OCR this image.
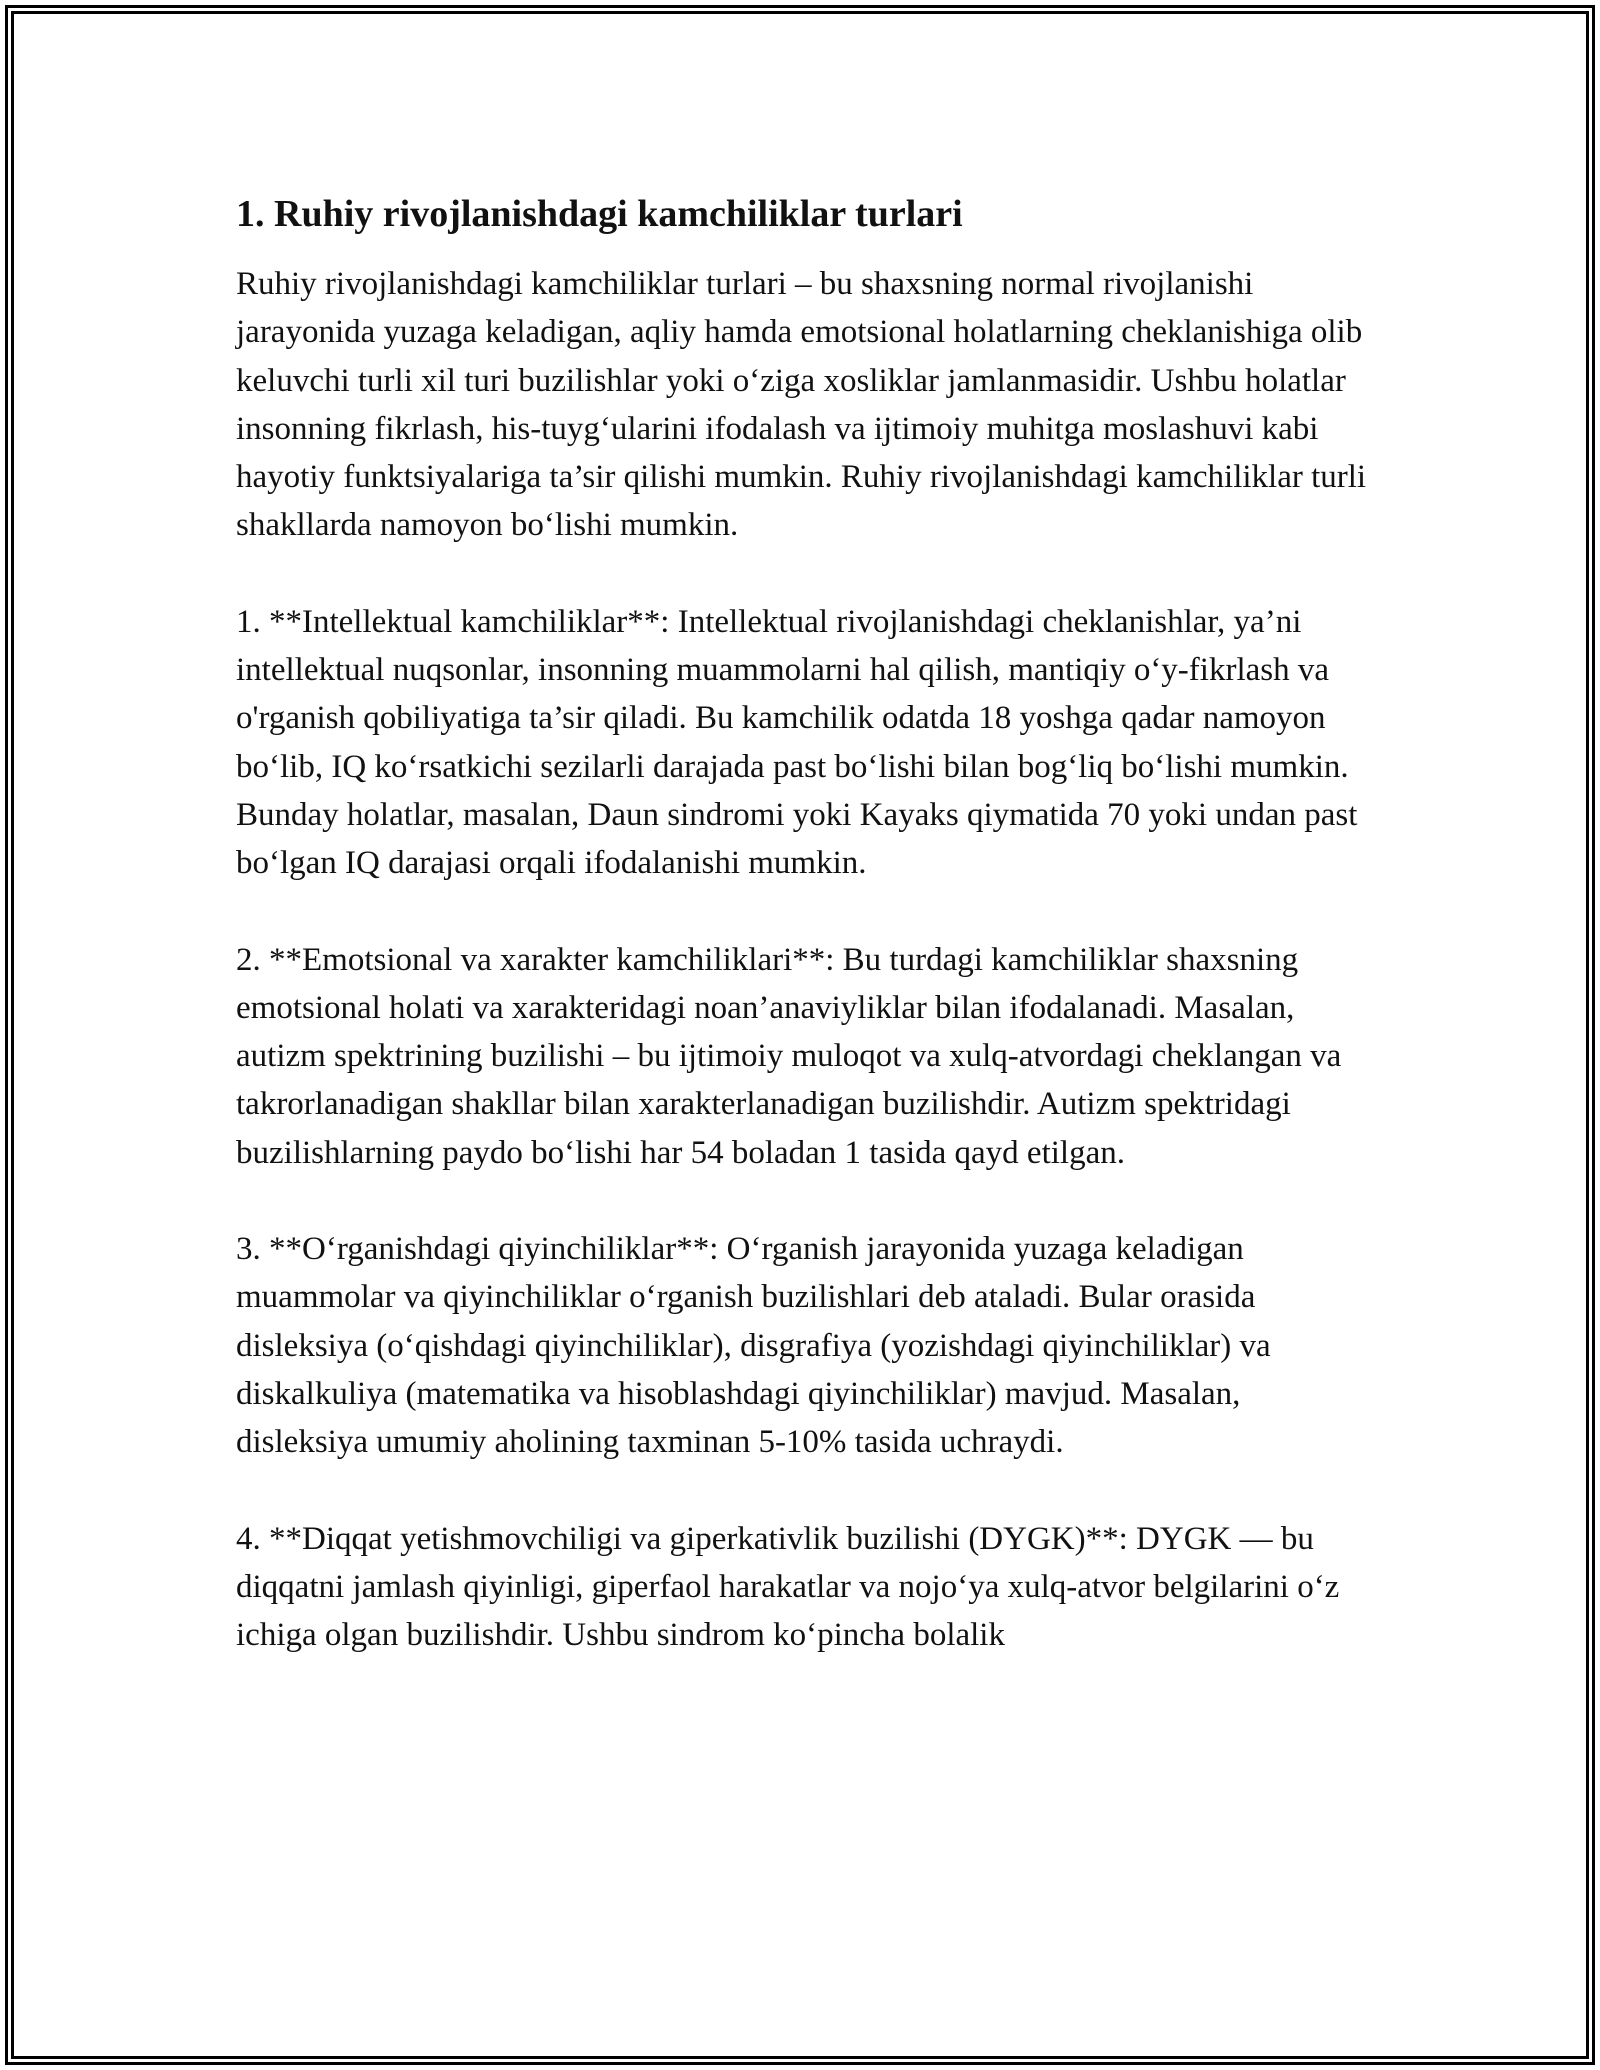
1. Ruhiy rivojlanishdagi kamchiliklar turlari

Ruhiy rivojlanishdagi kamchiliklar turlari – bu shaxsning normal rivojlanishi jarayonida yuzaga keladigan, aqliy hamda emotsional holatlarning cheklanishiga olib keluvchi turli xil turi buzilishlar yoki o‘ziga xosliklar jamlanmasidir. Ushbu holatlar insonning fikrlash, his-tuyg‘ularini ifodalash va ijtimoiy muhitga moslashuvi kabi hayotiy funktsiyalariga ta’sir qilishi mumkin. Ruhiy rivojlanishdagi kamchiliklar turli shakllarda namoyon bo‘lishi mumkin.

1. **Intellektual kamchiliklar**: Intellektual rivojlanishdagi cheklanishlar, ya’ni intellektual nuqsonlar, insonning muammolarni hal qilish, mantiqiy o‘y-fikrlash va o'rganish qobiliyatiga ta’sir qiladi. Bu kamchilik odatda 18 yoshga qadar namoyon bo‘lib, IQ ko‘rsatkichi sezilarli darajada past bo‘lishi bilan bog‘liq bo‘lishi mumkin. Bunday holatlar, masalan, Daun sindromi yoki Kayaks qiymatida 70 yoki undan past bo‘lgan IQ darajasi orqali ifodalanishi mumkin.

2. **Emotsional va xarakter kamchiliklari**: Bu turdagi kamchiliklar shaxsning emotsional holati va xarakteridagi noan’anaviyliklar bilan ifodalanadi. Masalan, autizm spektrining buzilishi – bu ijtimoiy muloqot va xulq-atvordagi cheklangan va takrorlanadigan shakllar bilan xarakterlanadigan buzilishdir. Autizm spektridagi buzilishlarning paydo bo‘lishi har 54 boladan 1 tasida qayd etilgan.

3. **O‘rganishdagi qiyinchiliklar**: O‘rganish jarayonida yuzaga keladigan muammolar va qiyinchiliklar o‘rganish buzilishlari deb ataladi. Bular orasida disleksiya (o‘qishdagi qiyinchiliklar), disgrafiya (yozishdagi qiyinchiliklar) va diskalkuliya (matematika va hisoblashdagi qiyinchiliklar) mavjud. Masalan, disleksiya umumiy aholining taxminan 5-10% tasida uchraydi.

4. **Diqqat yetishmovchiligi va giperkativlik buzilishi (DYGK)**: DYGK — bu diqqatni jamlash qiyinligi, giperfaol harakatlar va nojo‘ya xulq-atvor belgilarini o‘z ichiga olgan buzilishdir. Ushbu sindrom ko‘pincha bolalik
